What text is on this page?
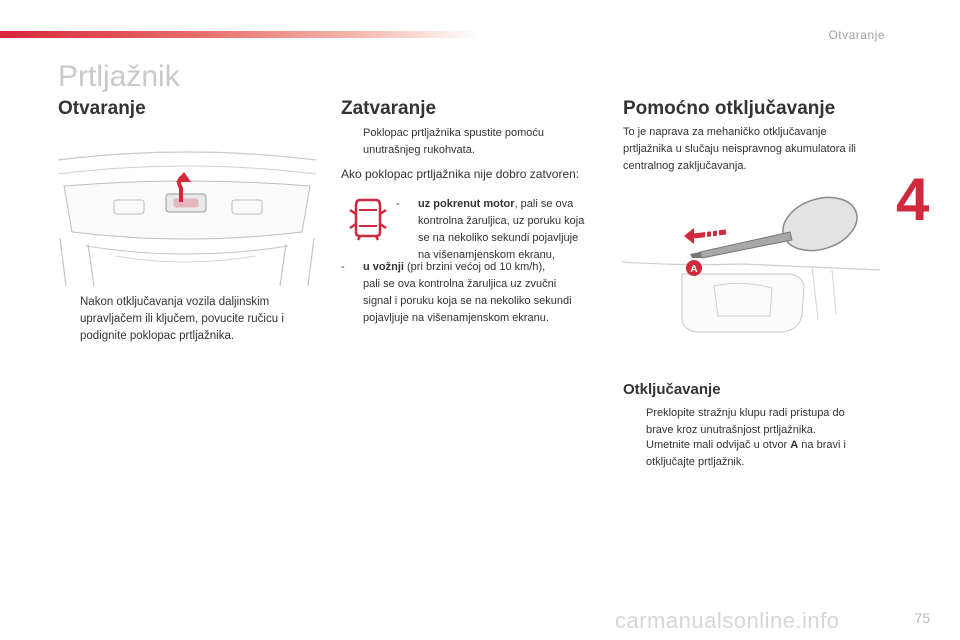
Otvaranje
4
Prtljažnik
Otvaranje
Nakon otključavanja vozila daljinskim
upravljačem ili ključem, povucite ručicu i
podignite poklopac prtljažnika.
Zatvaranje
Poklopac prtljažnika spustite pomoću
unutrašnjeg rukohvata.
Ako poklopac prtljažnika nije dobro zatvoren:
- uz pokrenut motor, pali se ova
kontrolna žaruljica, uz poruku koja
se na nekoliko sekundi pojavljuje
na višenamjenskom ekranu,
- u vožnji (pri brzini većoj od 10 km/h),
pali se ova kontrolna žaruljica uz zvučni
signal i poruku koja se na nekoliko sekundi
pojavljuje na višenamjenskom ekranu.
Pomoćno otključavanje
To je naprava za mehaničko otključavanje
prtljažnika u slučaju neispravnog akumulatora ili
centralnog zaključavanja.
A
Otključavanje
Preklopite stražnju klupu radi pristupa do
brave kroz unutrašnjost prtljažnika.
Umetnite mali odvijač u otvor A na bravi i
otključajte prtljažnik.
carmanualsonline.info	75
